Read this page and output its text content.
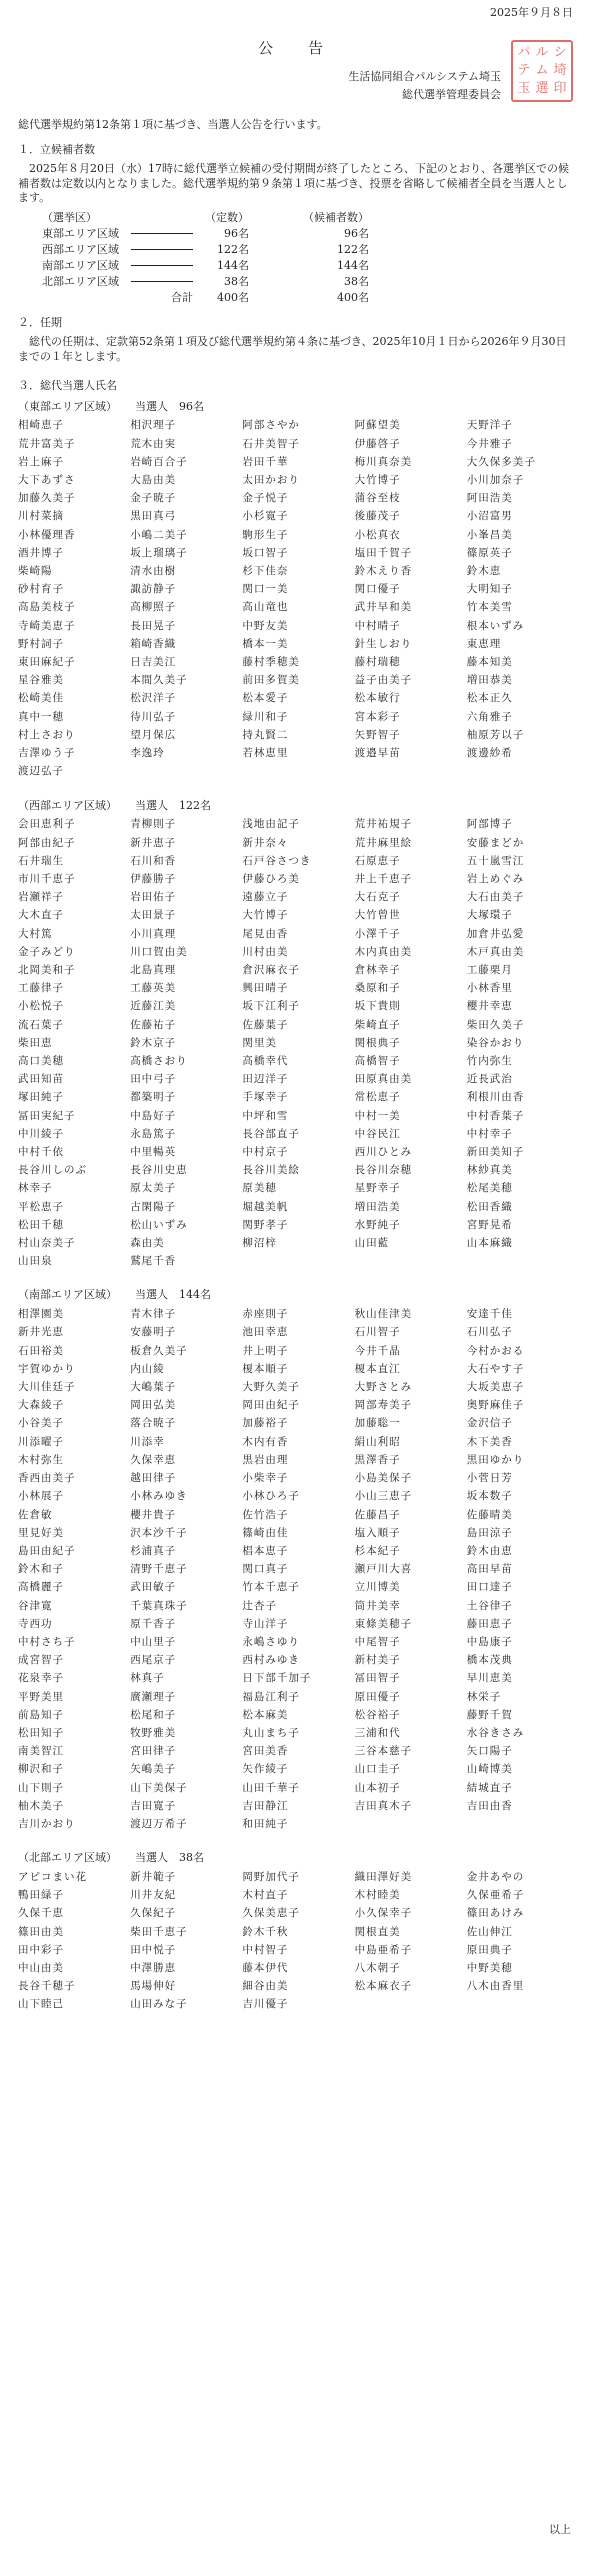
2025年９月８日
公　告
生活協同組合パルシステム埼玉
総代選挙管理委員会
パ ル シ
テ ム 埼
玉 選 印
総代選挙規約第12条第１項に基づき、当選人公告を行います。
１．立候補者数
2025年８月20日（水）17時に総代選挙立候補の受付期間が終了したところ、下記のとおり、各選挙区での候補者数は定数以内となりました。総代選挙規約第９条第１項に基づき、投票を省略して候補者全員を当選人とします。
（選挙区）		（定数）		（候補者数）
東部エリア区域		96名		96名
西部エリア区域		122名		122名
南部エリア区域		144名		144名
北部エリア区域		38名		38名
	合計	400名		400名
２．任期
総代の任期は、定款第52条第１項及び総代選挙規約第４条に基づき、2025年10月１日から2026年９月30日までの１年とします。
３．総代当選人氏名
（東部エリア区域） 当選人　96名
相崎恵子	相沢理子	阿部さやか	阿蘇望美	天野洋子
荒井富美子	荒木由実	石井美智子	伊藤啓子	今井雅子
岩上麻子	岩崎百合子	岩田千華	梅川真奈美	大久保多美子
大下あずさ	大島由美	太田かおり	大竹博子	小川加奈子
加藤久美子	金子暁子	金子悦子	蒲谷至枝	阿田浩美
川村菜摘	黒田真弓	小杉寛子	後藤茂子	小沼富男
小林優理香	小嶋二美子	駒形生子	小松真衣	小峯昌美
酒井博子	坂上瑠璃子	坂口智子	塩田千賀子	篠原英子
柴崎陽	清水由樹	杉下佳奈	鈴木えり香	鈴木恵
砂村育子	諏訪静子	関口一美	関口優子	大明知子
高島美枝子	高柳照子	高山竜也	武井早和美	竹本美雪
寺崎美恵子	長田晃子	中野友美	中村晴子	根本いずみ
野村詞子	箱崎香織	橋本一美	針生しおり	東恵理
東田麻紀子	日吉美江	藤村季穂美	藤村瑞穂	藤本知美
星谷雅美	本間久美子	前田多賀美	益子由美子	増田恭美
松崎美佳	松沢洋子	松本愛子	松本敏行	松本正久
真中一穂	待川弘子	緑川和子	宮本彩子	六角雅子
村上さおり	望月保広	持丸賢二	矢野智子	柚原芳以子
吉澤ゆう子	李逸玲	若林恵里	渡邉早苗	渡邊紗希
渡辺弘子
（西部エリア区域） 当選人　122名
会田恵利子	青柳則子	浅地由記子	荒井祐規子	阿部博子
阿部由紀子	新井恵子	新井奈々	荒井麻里絵	安藤まどか
石井瑞生	石川和香	石戸谷さつき	石原恵子	五十嵐雪江
市川千恵子	伊藤勝子	伊藤ひろ美	井上千恵子	岩上めぐみ
岩瀬祥子	岩田佑子	遠藤立子	大石克子	大石由美子
大木直子	太田景子	大竹博子	大竹曾世	大塚環子
大村篤	小川真理	尾見由香	小澤千子	加倉井弘愛
金子みどり	川口賀由美	川村由美	木内真由美	木戸真由美
北岡美和子	北島真理	倉沢麻衣子	倉林幸子	工藤栗月
工藤律子	工藤英美	興田晴子	桑原和子	小林香里
小松悦子	近藤江美	坂下江利子	坂下貴則	櫻井幸恵
流石葉子	佐藤祐子	佐藤葉子	柴崎直子	柴田久美子
柴田恵	鈴木京子	関里美	関根典子	染谷かおり
高口美穂	高橋さおり	高橋幸代	高橋智子	竹内弥生
武田知苗	田中弓子	田辺洋子	田原真由美	近長武治
塚田純子	都築明子	手塚幸子	常松恵子	利根川由香
冨田実紀子	中島好子	中坪和雪	中村一美	中村香葉子
中川綾子	永島篤子	長谷部直子	中谷民江	中村幸子
中村千依	中里暢英	中村京子	西川ひとみ	新田美知子
長谷川しのぶ	長谷川史恵	長谷川美絵	長谷川奈穂	林紗真美
林幸子	原太美子	原美穂	星野幸子	松尾美穂
平松恵子	古閑陽子	堀越美帆	増田浩美	松田香織
松田千穂	松山いずみ	関野孝子	水野純子	宮野晃希
村山奈美子	森由美	柳沼梓	山田藍	山本麻織
山田泉	鷲尾千香
（南部エリア区域） 当選人　144名
相澤園美	青木律子	赤座則子	秋山佳津美	安達千佳
新井光恵	安藤明子	池田幸恵	石川智子	石川弘子
石田裕美	板倉久美子	井上明子	今井千晶	今村かおる
宇賀ゆかり	内山綾	榎本順子	榎本直江	大石やす子
大川佳廷子	大嶋葉子	大野久美子	大野さとみ	大坂美恵子
大森綾子	岡田弘美	岡田由紀子	岡部寿美子	奥野麻佳子
小谷美子	落合暁子	加藤裕子	加藤聡一	金沢信子
川添曜子	川添幸	木内有香	絹山利昭	木下美香
木村弥生	久保幸恵	黒岩由理	黒澤香子	黒田ゆかり
香西由美子	越田律子	小柴幸子	小島美保子	小菅日芳
小林展子	小林みゆき	小林ひろ子	小山三恵子	坂本数子
佐倉敏	櫻井貴子	佐竹浩子	佐藤昌子	佐藤晴美
里見好美	沢本沙千子	篠崎由佳	塩入順子	島田涼子
島田由紀子	杉浦真子	椙本恵子	杉本紀子	鈴木由恵
鈴木和子	清野千恵子	関口真子	瀬戸川大喜	高田早苗
高橋麗子	武田敏子	竹本千恵子	立川博美	田口達子
谷津寛	千葉真珠子	辻杏子	筒井美幸	土谷律子
寺西功	原千香子	寺山洋子	東條美穂子	藤田恵子
中村さち子	中山里子	永嶋さゆり	中尾智子	中島康子
成宮智子	西尾京子	西村みゆき	新村美子	橋本茂典
花泉幸子	林真子	日下部千加子	冨田智子	早川恵美
平野美里	廣瀬理子	福島江利子	原田優子	林栄子
前島知子	松尾和子	松本麻美	松谷裕子	藤野千賀
松田知子	牧野雅美	丸山まち子	三浦和代	水谷きさみ
南美智江	宮田律子	宮田美香	三谷本慈子	矢口陽子
柳沢和子	矢嶋美子	矢作綾子	山口圭子	山崎博美
山下則子	山下美保子	山田千華子	山本初子	結城直子
柚木美子	吉田寛子	吉田静江	吉田真木子	吉田由香
吉川かおり	渡辺万希子	和田純子
（北部エリア区域） 当選人　38名
アピコまい花	新井範子	岡野加代子	織田澤好美	金井あやの
鴨田緑子	川井友紀	木村直子	木村睦美	久保亜希子
久保千恵	久保紀子	久保美恵子	小久保幸子	篠田あけみ
篠田由美	柴田千恵子	鈴木千秋	関根直美	佐山伸江
田中彩子	田中悦子	中村智子	中島亜希子	原田典子
中山由美	中澤勝恵	藤本伊代	八木朝子	中野美穂
長谷千穂子	馬場伸好	細谷由美	松本麻衣子	八木由香里
山下睦己	山田みな子	吉川優子
以上
